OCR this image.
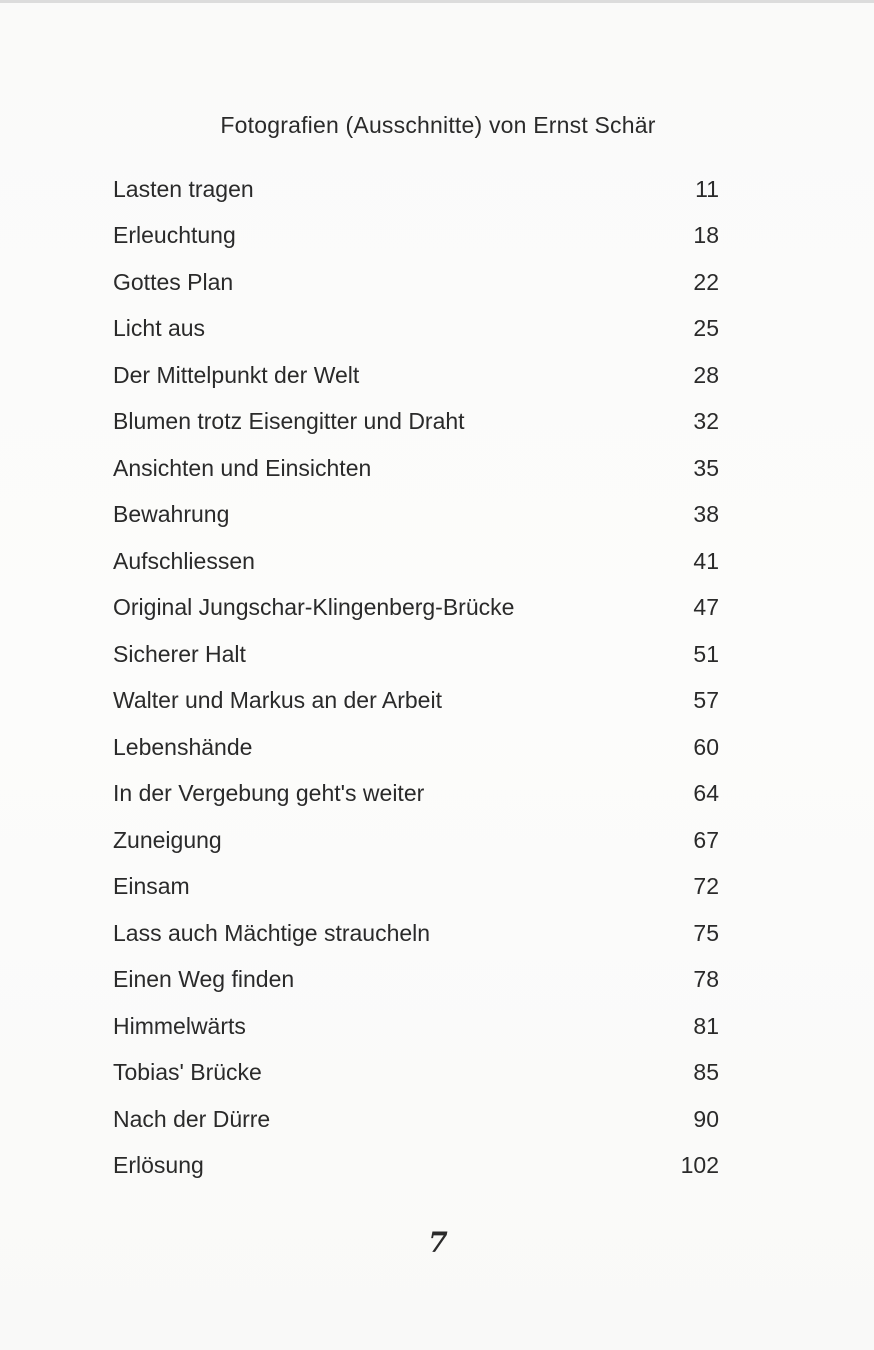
Fotografien (Ausschnitte) von Ernst Schär
Lasten tragen	11
Erleuchtung	18
Gottes Plan	22
Licht aus	25
Der Mittelpunkt der Welt	28
Blumen trotz Eisengitter und Draht	32
Ansichten und Einsichten	35
Bewahrung	38
Aufschliessen	41
Original Jungschar-Klingenberg-Brücke	47
Sicherer Halt	51
Walter und Markus an der Arbeit	57
Lebenshände	60
In der Vergebung geht's weiter	64
Zuneigung	67
Einsam	72
Lass auch Mächtige straucheln	75
Einen Weg finden	78
Himmelwärts	81
Tobias' Brücke	85
Nach der Dürre	90
Erlösung	102
7
